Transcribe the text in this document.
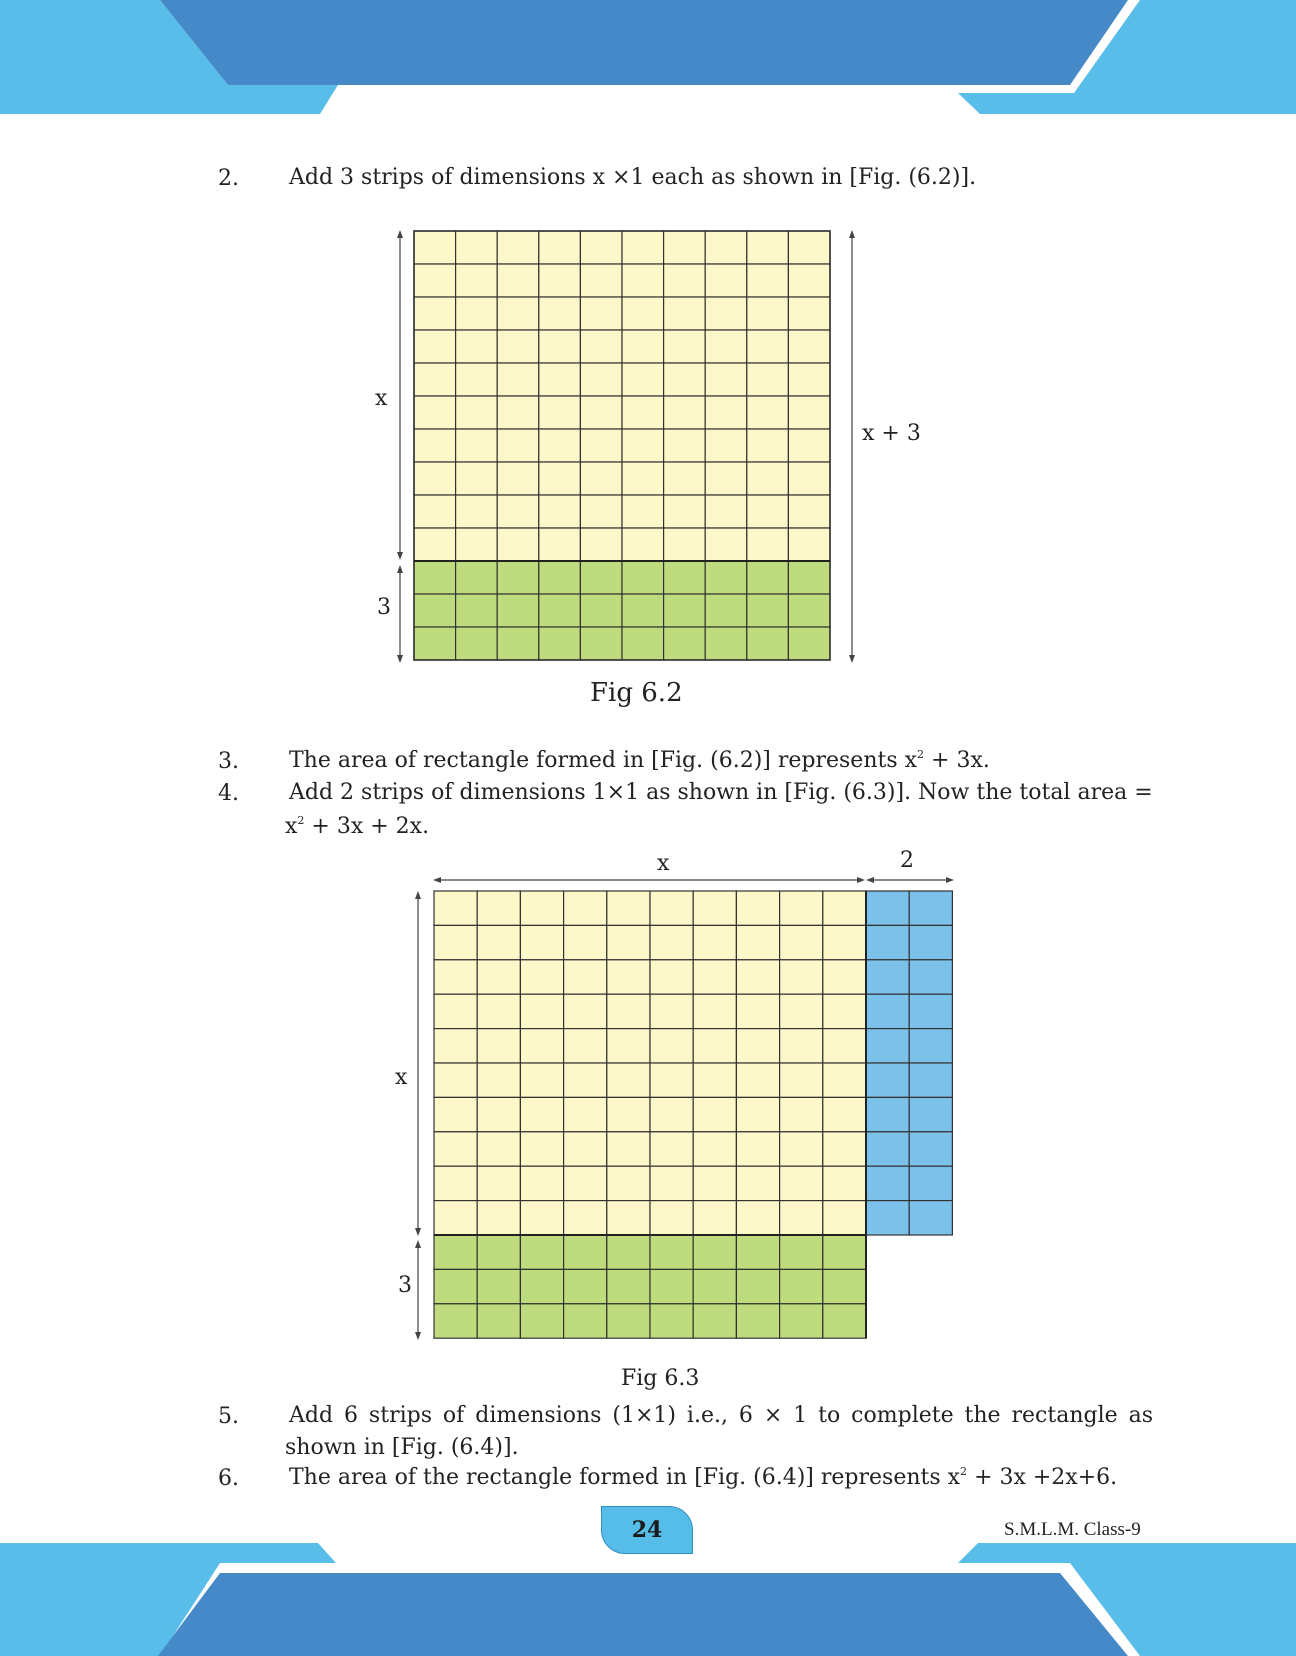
2. Add 3 strips of dimensions x ×1 each as shown in [Fig. (6.2)].
x
3
x + 3
Fig 6.2
3. The area of rectangle formed in [Fig. (6.2)] represents $x^2 + 3x$.
4. Add 2 strips of dimensions 1×1 as shown in [Fig. (6.3)]. Now the total area =
$x^2 + 3x + 2x$.
x	2
x
3
Fig 6.3
5. Add 6 strips of dimensions (1×1) i.e., 6 × 1 to complete the rectangle as
shown in [Fig. (6.4)].
6. The area of the rectangle formed in [Fig. (6.4)] represents $x^2 + 3x +2x+6$.
24	S.M.L.M. Class-9
